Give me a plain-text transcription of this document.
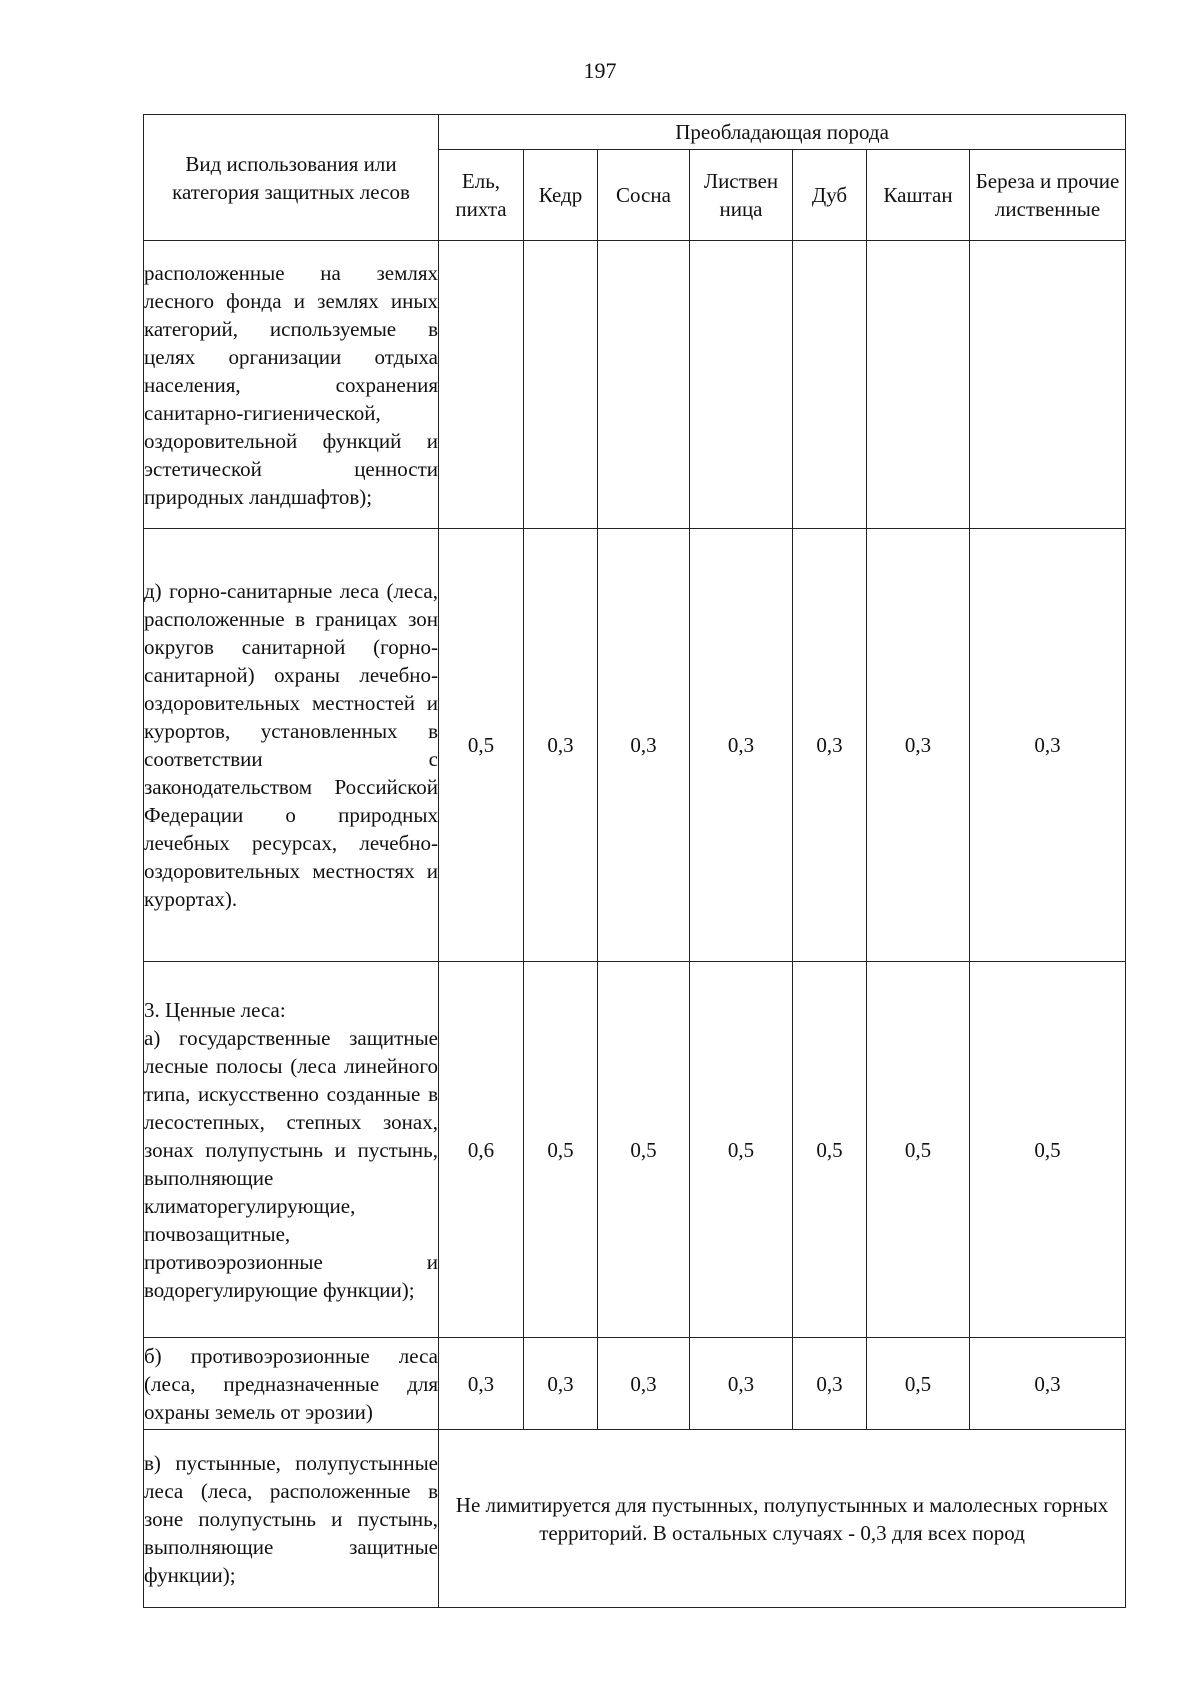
197
Вид использования или категория защитных лесов	Преобладающая порода						
	Ель, пихта	Кедр	Сосна	Листвен ница	Дуб	Каштан	Береза и прочие лиственные
расположенные на землях лесного фонда и землях иных категорий, используемые в целях организации отдыха населения, сохранения санитарно-гигиенической, оздоровительной функций и эстетической ценности природных ландшафтов);							
д) горно-санитарные леса (леса, расположенные в границах зон округов санитарной (горно-санитарной) охраны лечебно-оздоровительных местностей и курортов, установленных в соответствии с законодательством Российской Федерации о природных лечебных ресурсах, лечебно-оздоровительных местностях и курортах).	0,5	0,3	0,3	0,3	0,3	0,3	0,3

3. Ценные леса:
а) государственные защитные лесные полосы (леса линейного типа, искусственно созданные в лесостепных, степных зонах, зонах полупустынь и пустынь, выполняющие климаторегулирующие, почвозащитные, противоэрозионные и водорегулирующие функции);	0,6	0,5	0,5	0,5	0,5	0,5	0,5
б) противоэрозионные леса (леса, предназначенные для охраны земель от эрозии)	0,3	0,3	0,3	0,3	0,3	0,5	0,3
в) пустынные, полупустынные леса (леса, расположенные в зоне полупустынь и пустынь, выполняющие защитные функции);	Не лимитируется для пустынных, полупустынных и малолесных горных территорий. В остальных случаях - 0,3 для всех пород						
